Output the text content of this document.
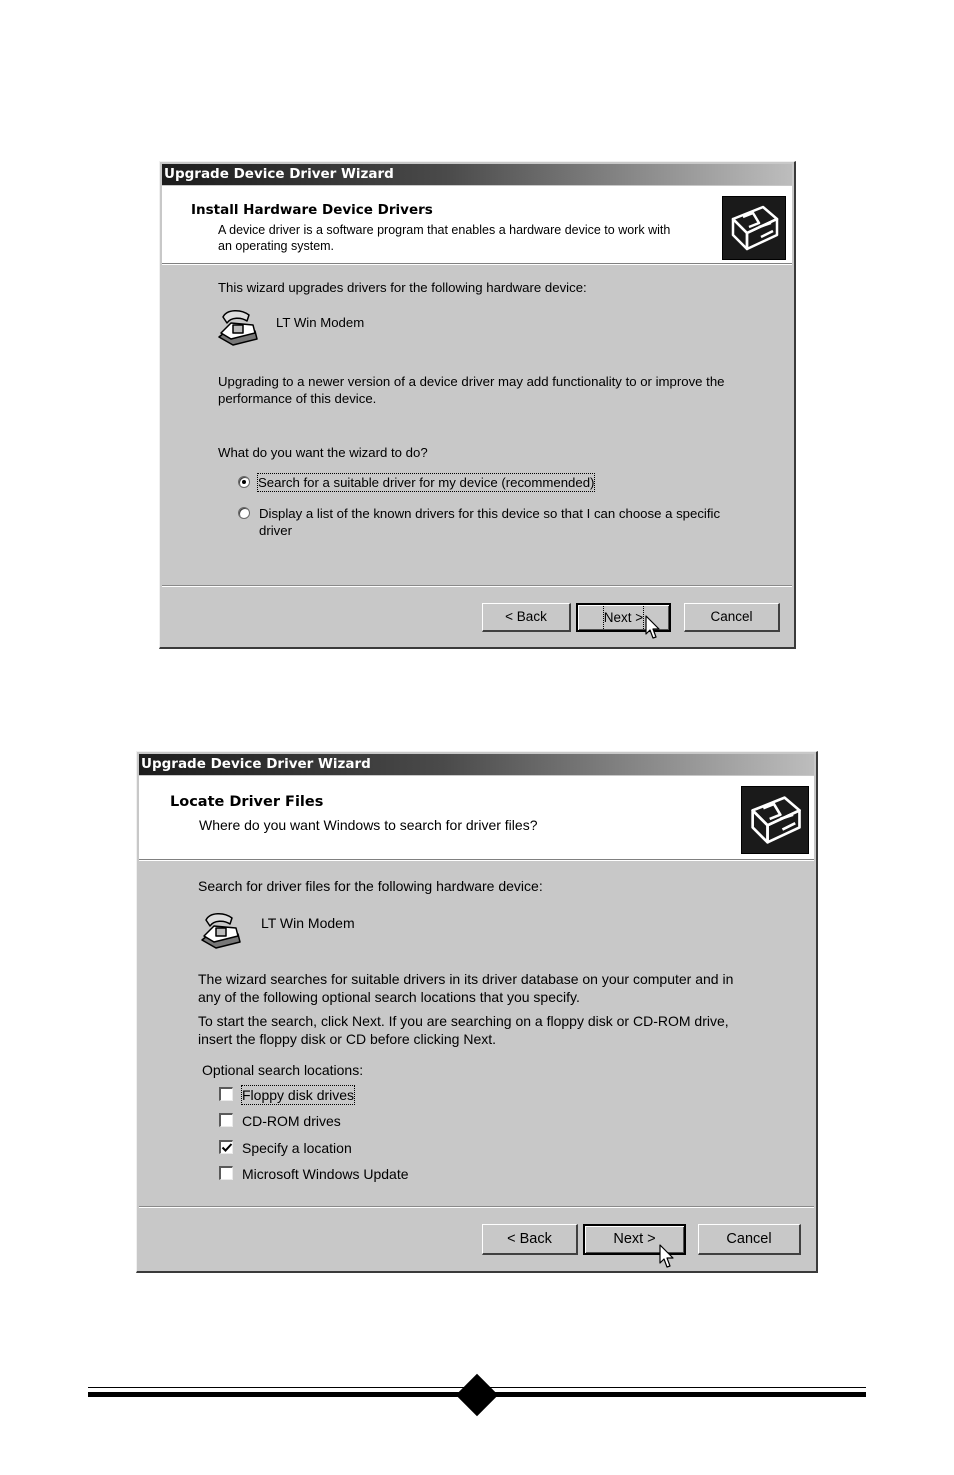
Upgrade Device Driver Wizard
Install Hardware Device Drivers
A device driver is a software program that enables a hardware device to work with
an operating system.
This wizard upgrades drivers for the following hardware device:
LT Win Modem
Upgrading to a newer version of a device driver may add functionality to or improve the
performance of this device.
What do you want the wizard to do?
Search for a suitable driver for my device (recommended)
Display a list of the known drivers for this device so that I can choose a specific
driver
< Back	Next >	Cancel
Upgrade Device Driver Wizard
Locate Driver Files
Where do you want Windows to search for driver files?
Search for driver files for the following hardware device:
LT Win Modem
The wizard searches for suitable drivers in its driver database on your computer and in
any of the following optional search locations that you specify.
To start the search, click Next. If you are searching on a floppy disk or CD-ROM drive,
insert the floppy disk or CD before clicking Next.
Optional search locations:
Floppy disk drives
CD-ROM drives
Specify a location
Microsoft Windows Update
< Back	Next >	Cancel
